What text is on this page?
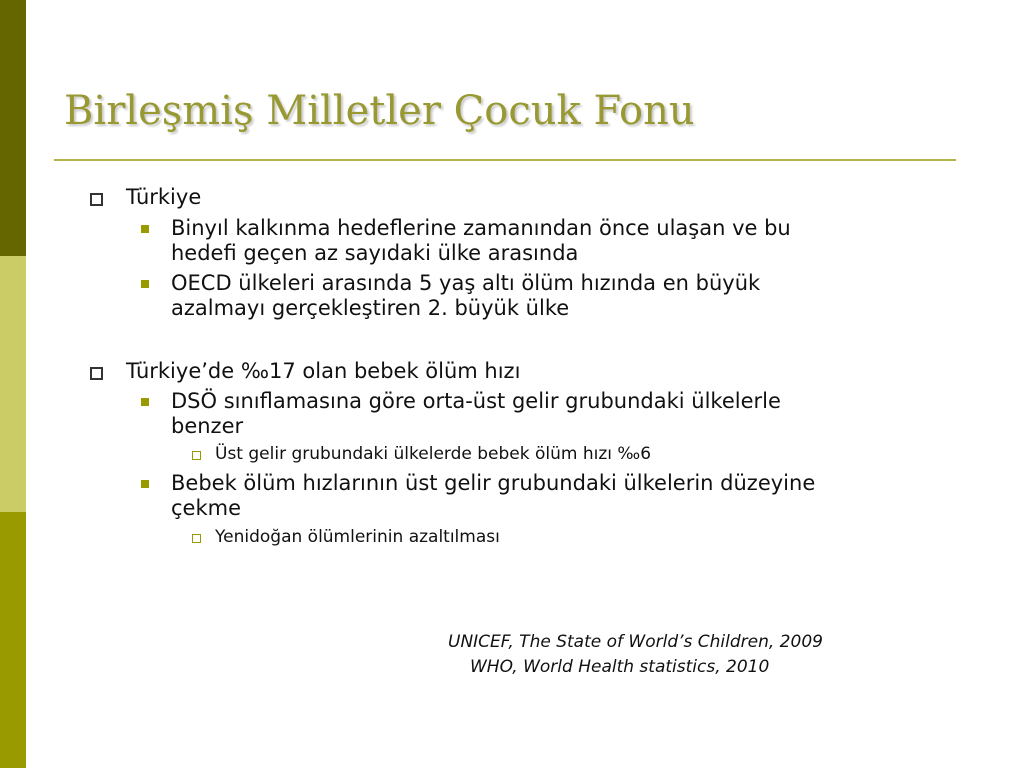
Birleşmiş Milletler Çocuk Fonu
Türkiye
Binyıl kalkınma hedeflerine zamanından önce ulaşan ve bu
hedefi geçen az sayıdaki ülke arasında
OECD ülkeleri arasında 5 yaş altı ölüm hızında en büyük
azalmayı gerçekleştiren 2. büyük ülke
Türkiye’de ‰17 olan bebek ölüm hızı
DSÖ sınıflamasına göre orta-üst gelir grubundaki ülkelerle
benzer
Üst gelir grubundaki ülkelerde bebek ölüm hızı ‰6
Bebek ölüm hızlarının üst gelir grubundaki ülkelerin düzeyine
çekme
Yenidoğan ölümlerinin azaltılması
UNICEF, The State of World’s Children, 2009
WHO, World Health statistics, 2010
